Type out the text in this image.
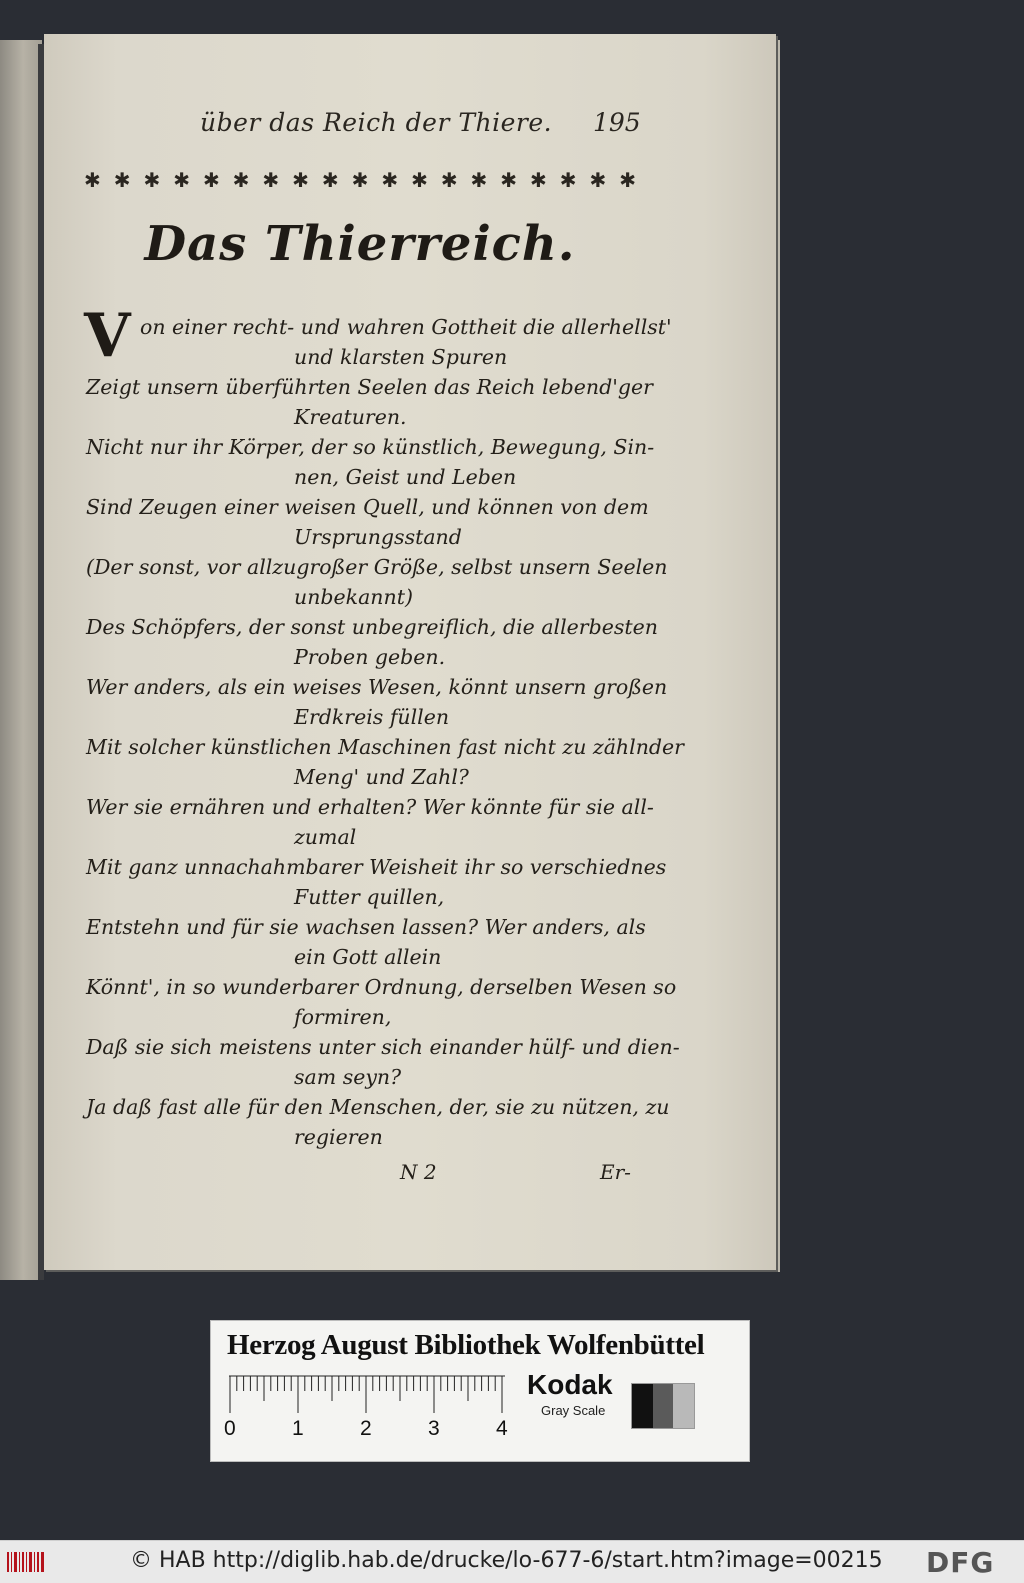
über das Reich der Thiere.	195
✱ ✱ ✱ ✱ ✱ ✱ ✱ ✱ ✱ ✱ ✱ ✱ ✱ ✱ ✱ ✱ ✱ ✱ ✱
Das Thierreich.
V on einer recht- und wahren Gottheit die allerhellst'
und klarsten Spuren
Zeigt unsern überführten Seelen das Reich lebend'ger
Kreaturen.
Nicht nur ihr Körper, der so künstlich, Bewegung, Sin-
nen, Geist und Leben
Sind Zeugen einer weisen Quell, und können von dem
Ursprungsstand
(Der sonst, vor allzugroßer Größe, selbst unsern Seelen
unbekannt)
Des Schöpfers, der sonst unbegreiflich, die allerbesten
Proben geben.
Wer anders, als ein weises Wesen, könnt unsern großen
Erdkreis füllen
Mit solcher künstlichen Maschinen fast nicht zu zählnder
Meng' und Zahl?
Wer sie ernähren und erhalten? Wer könnte für sie all-
zumal
Mit ganz unnachahmbarer Weisheit ihr so verschiednes
Futter quillen,
Entstehn und für sie wachsen lassen? Wer anders, als
ein Gott allein
Könnt', in so wunderbarer Ordnung, derselben Wesen so
formiren,
Daß sie sich meistens unter sich einander hülf- und dien-
sam seyn?
Ja daß fast alle für den Menschen, der, sie zu nützen, zu
regieren
N 2	Er-
Herzog August Bibliothek Wolfenbüttel
0	1	2	3	4
Kodak
Gray Scale
© HAB http://diglib.hab.de/drucke/lo-677-6/start.htm?image=00215 DFG
